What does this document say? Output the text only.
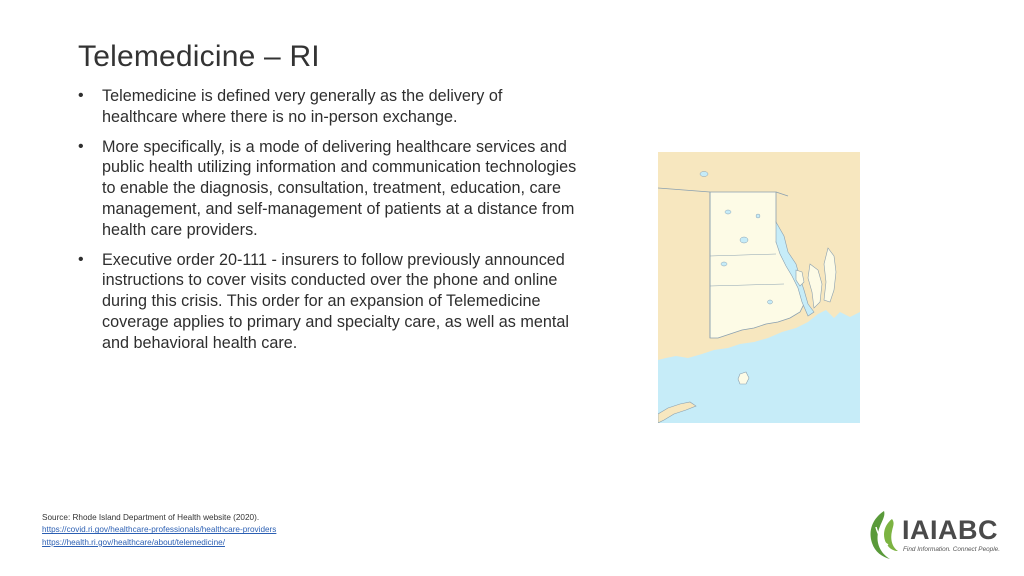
Telemedicine – RI
• Telemedicine is defined very generally as the delivery of healthcare where there is no in-person exchange.
• More specifically, is a mode of delivering healthcare services and public health utilizing information and communication technologies to enable the diagnosis, consultation, treatment, education, care management, and self-management of patients at a distance from health care providers.
• Executive order 20-111 - insurers to follow previously announced instructions to cover visits conducted over the phone and online during this crisis. This order for an expansion of Telemedicine coverage applies to primary and specialty care, as well as mental and behavioral health care.
Source: Rhode Island Department of Health website (2020).
https://covid.ri.gov/healthcare-professionals/healthcare-providers
https://health.ri.gov/healthcare/about/telemedicine/	IAIABC
Find Information. Connect People.
